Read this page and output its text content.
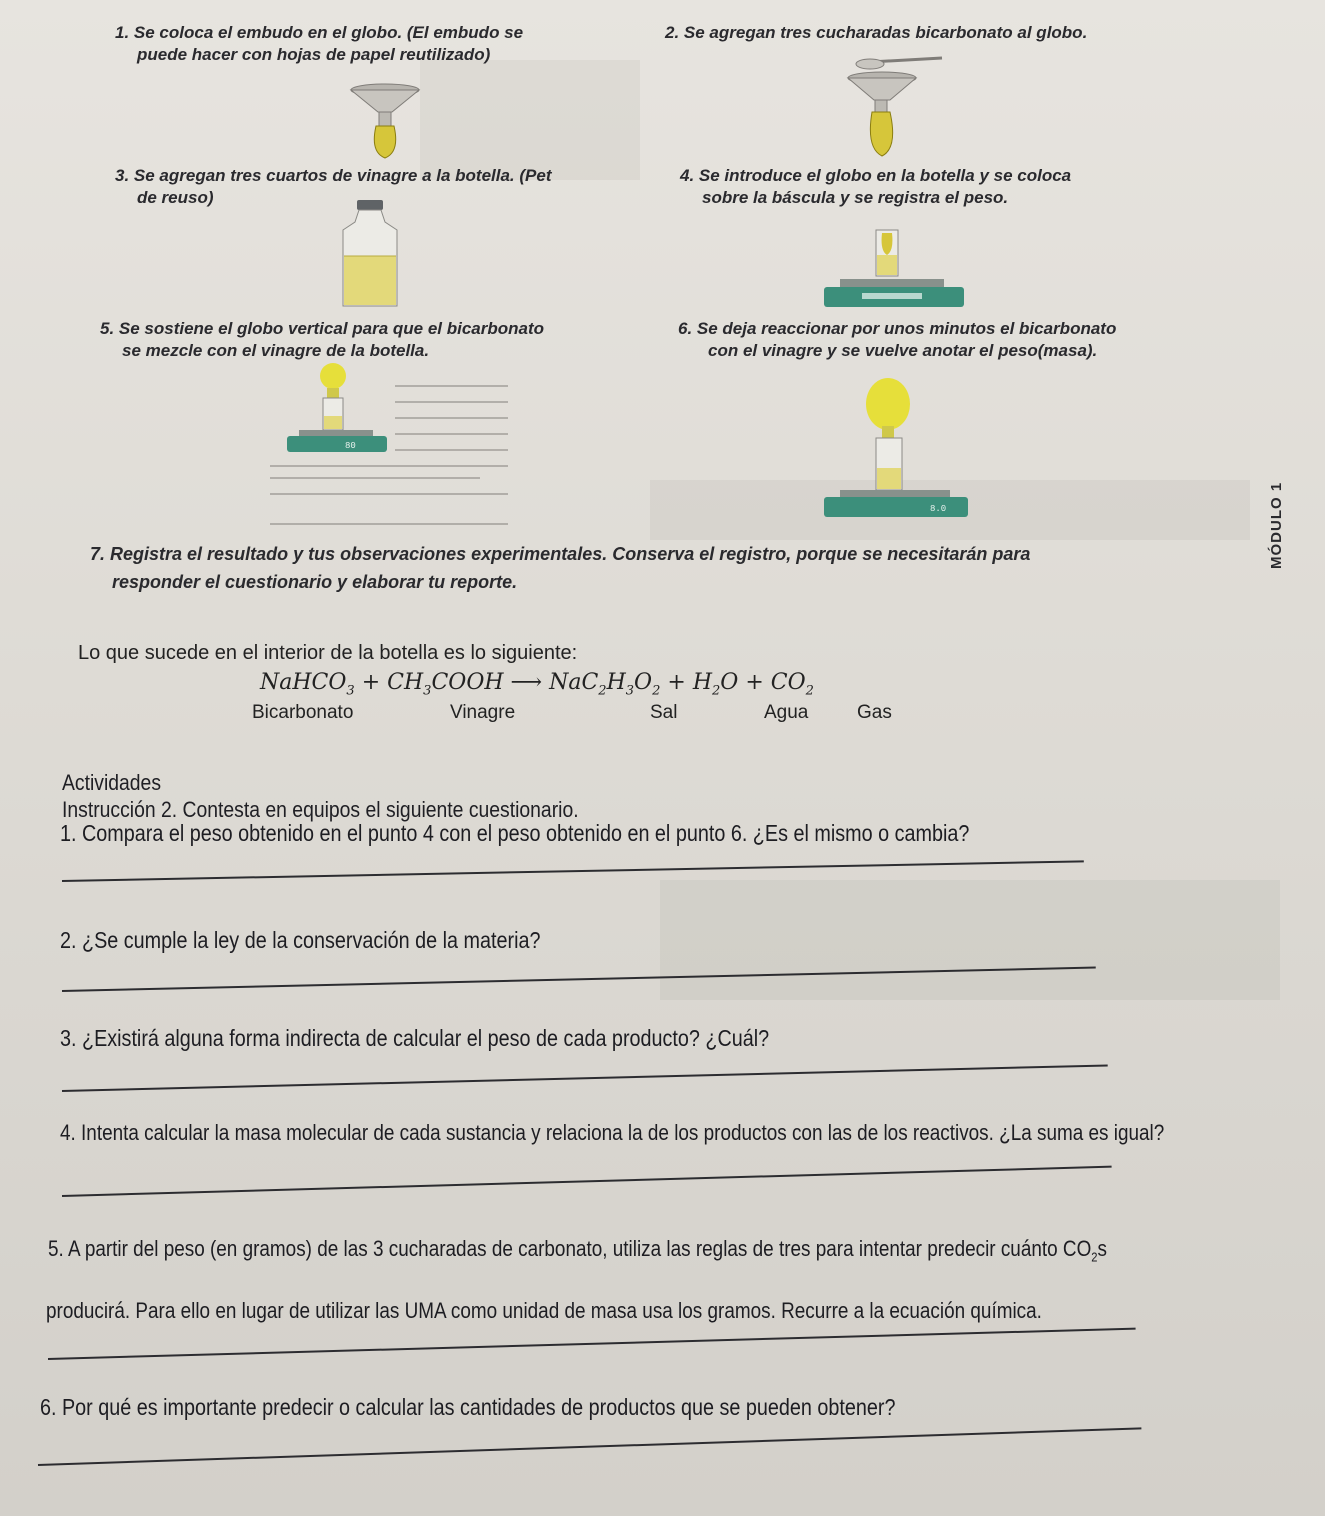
1. Se coloca el embudo en el globo. (El embudo se
puede hacer con hojas de papel reutilizado)
2. Se agregan tres cucharadas bicarbonato al globo.
3. Se agregan tres cuartos de vinagre a la botella. (Pet
de reuso)
4. Se introduce el globo en la botella y se coloca
sobre la báscula y se registra el peso.
5. Se sostiene el globo vertical para que el bicarbonato
se mezcle con el vinagre de la botella.
6. Se deja reaccionar por unos minutos el bicarbonato
con el vinagre y se vuelve anotar el peso(masa).
7. Registra el resultado y tus observaciones experimentales. Conserva el registro, porque se necesitarán para
responder el cuestionario y elaborar tu reporte.
MÓDULO 1
80
8.0
Lo que sucede en el interior de la botella es lo siguiente:
NaHCO$_3$ + $CH_3COOH$ ⟶ $NaC_2H_3O_2 + H_2O + CO_2$
Bicarbonato	Vinagre	Sal	Agua	Gas
Actividades
Instrucción 2. Contesta en equipos el siguiente cuestionario.
1. Compara el peso obtenido en el punto 4 con el peso obtenido en el punto 6. ¿Es el mismo o cambia?
2. ¿Se cumple la ley de la conservación de la materia?
3. ¿Existirá alguna forma indirecta de calcular el peso de cada producto? ¿Cuál?
4. Intenta calcular la masa molecular de cada sustancia y relaciona la de los productos con las de los reactivos. ¿La suma es igual?
5. A partir del peso (en gramos) de las 3 cucharadas de carbonato, utiliza las reglas de tres para intentar predecir cuánto $CO_2s$
producirá. Para ello en lugar de utilizar las UMA como unidad de masa usa los gramos. Recurre a la ecuación química.
6. Por qué es importante predecir o calcular las cantidades de productos que se pueden obtener?
